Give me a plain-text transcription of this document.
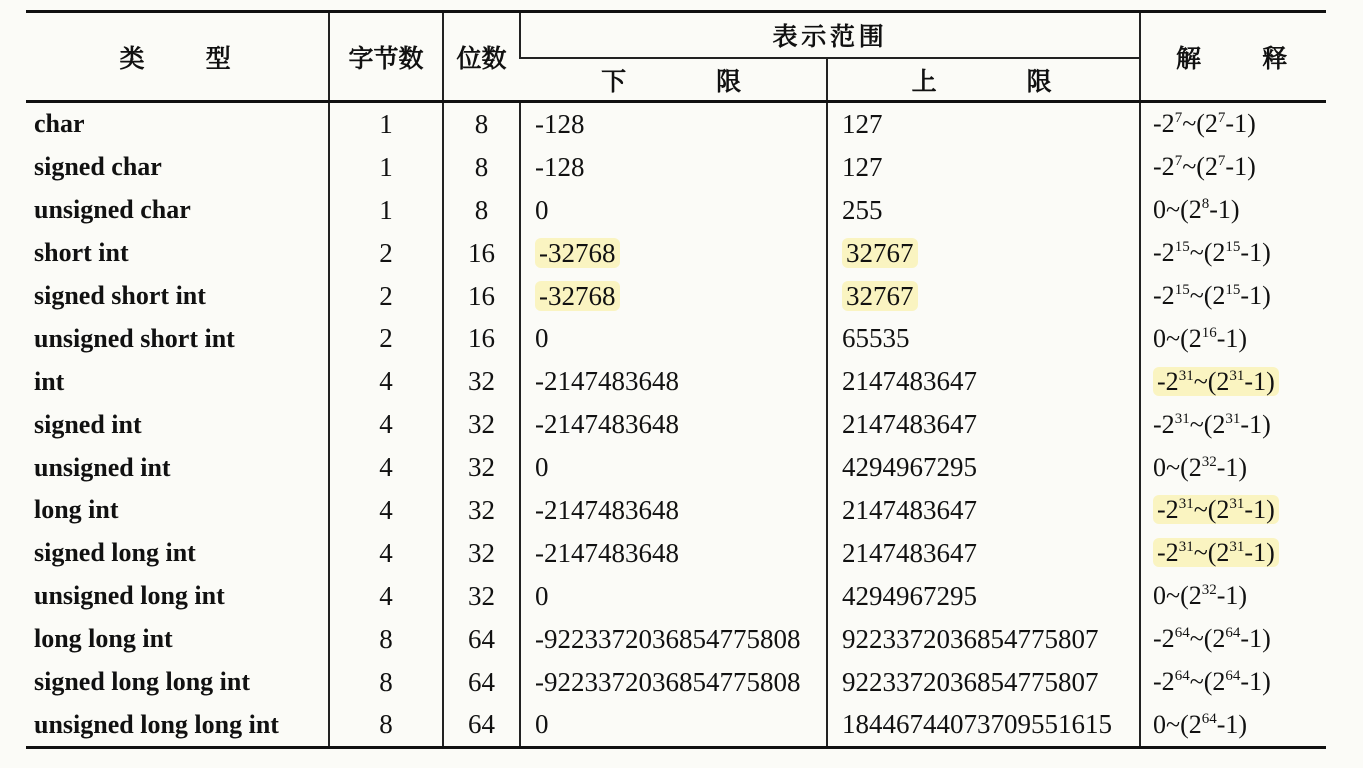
类　　型	字节数	位数	表示范围		解　　释
			下　　　限	上　　　限	
char	1	8	-128	127	$-2^7\sim(2^7-1)$
signed char	1	8	-128	127	$-2^7\sim(2^7-1)$
unsigned char	1	8	0	255	$0\sim(2^8-1)$
short int	2	16	-32768	32767	$-2^{15}\sim(2^{15}-1)$
signed short int	2	16	-32768	32767	$-2^{15}\sim(2^{15}-1)$
unsigned short int	2	16	0	65535	$0\sim(2^{16}-1)$
int	4	32	-2147483648	2147483647	$-2^{31}\sim(2^{31}-1)$
signed int	4	32	-2147483648	2147483647	$-2^{31}\sim(2^{31}-1)$
unsigned int	4	32	0	4294967295	$0\sim(2^{32}-1)$
long int	4	32	-2147483648	2147483647	$-2^{31}\sim(2^{31}-1)$
signed long int	4	32	-2147483648	2147483647	$-2^{31}\sim(2^{31}-1)$
unsigned long int	4	32	0	4294967295	$0\sim(2^{32}-1)$
long long int	8	64	-9223372036854775808	9223372036854775807	$-2^{64}\sim(2^{64}-1)$
signed long long int	8	64	-9223372036854775808	9223372036854775807	$-2^{64}\sim(2^{64}-1)$
unsigned long long int	8	64	0	18446744073709551615	$0\sim(2^{64}-1)$
